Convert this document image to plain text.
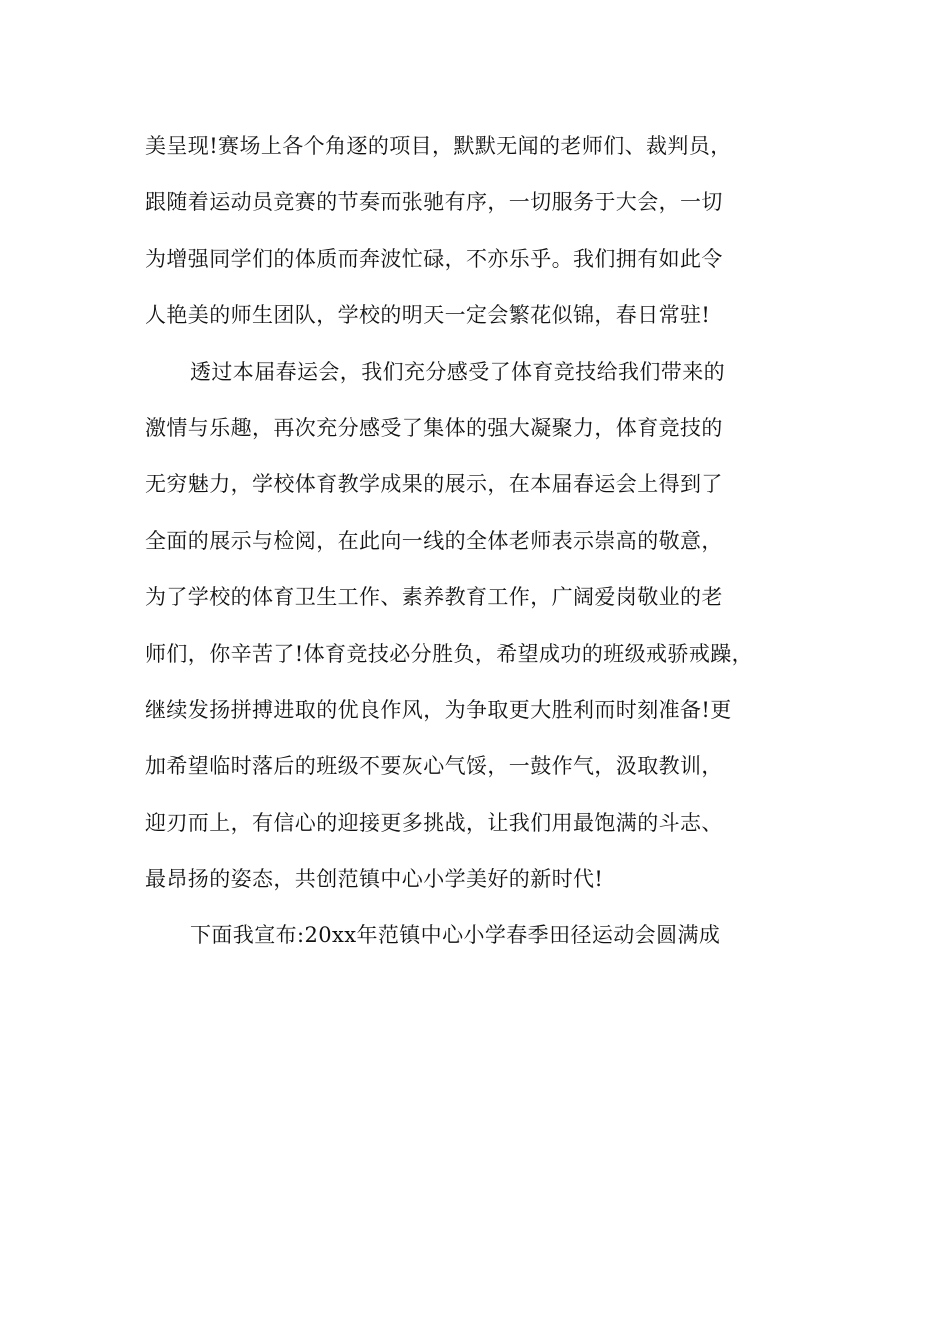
美呈现!赛场上各个角逐的项目，默默无闻的老师们、裁判员，
跟随着运动员竞赛的节奏而张驰有序，一切服务于大会，一切
为增强同学们的体质而奔波忙碌，不亦乐乎。我们拥有如此令
人艳美的师生团队，学校的明天一定会繁花似锦，春日常驻!
透过本届春运会，我们充分感受了体育竞技给我们带来的
激情与乐趣，再次充分感受了集体的强大凝聚力，体育竞技的
无穷魅力，学校体育教学成果的展示，在本届春运会上得到了
全面的展示与检阅，在此向一线的全体老师表示崇高的敬意，
为了学校的体育卫生工作、素养教育工作，广阔爱岗敬业的老
师们，你辛苦了!体育竞技必分胜负，希望成功的班级戒骄戒躁，
继续发扬拼搏进取的优良作风，为争取更大胜利而时刻准备!更
加希望临时落后的班级不要灰心气馁，一鼓作气，汲取教训，
迎刃而上，有信心的迎接更多挑战，让我们用最饱满的斗志、
最昂扬的姿态，共创范镇中心小学美好的新时代!
下面我宣布:20xx年范镇中心小学春季田径运动会圆满成
